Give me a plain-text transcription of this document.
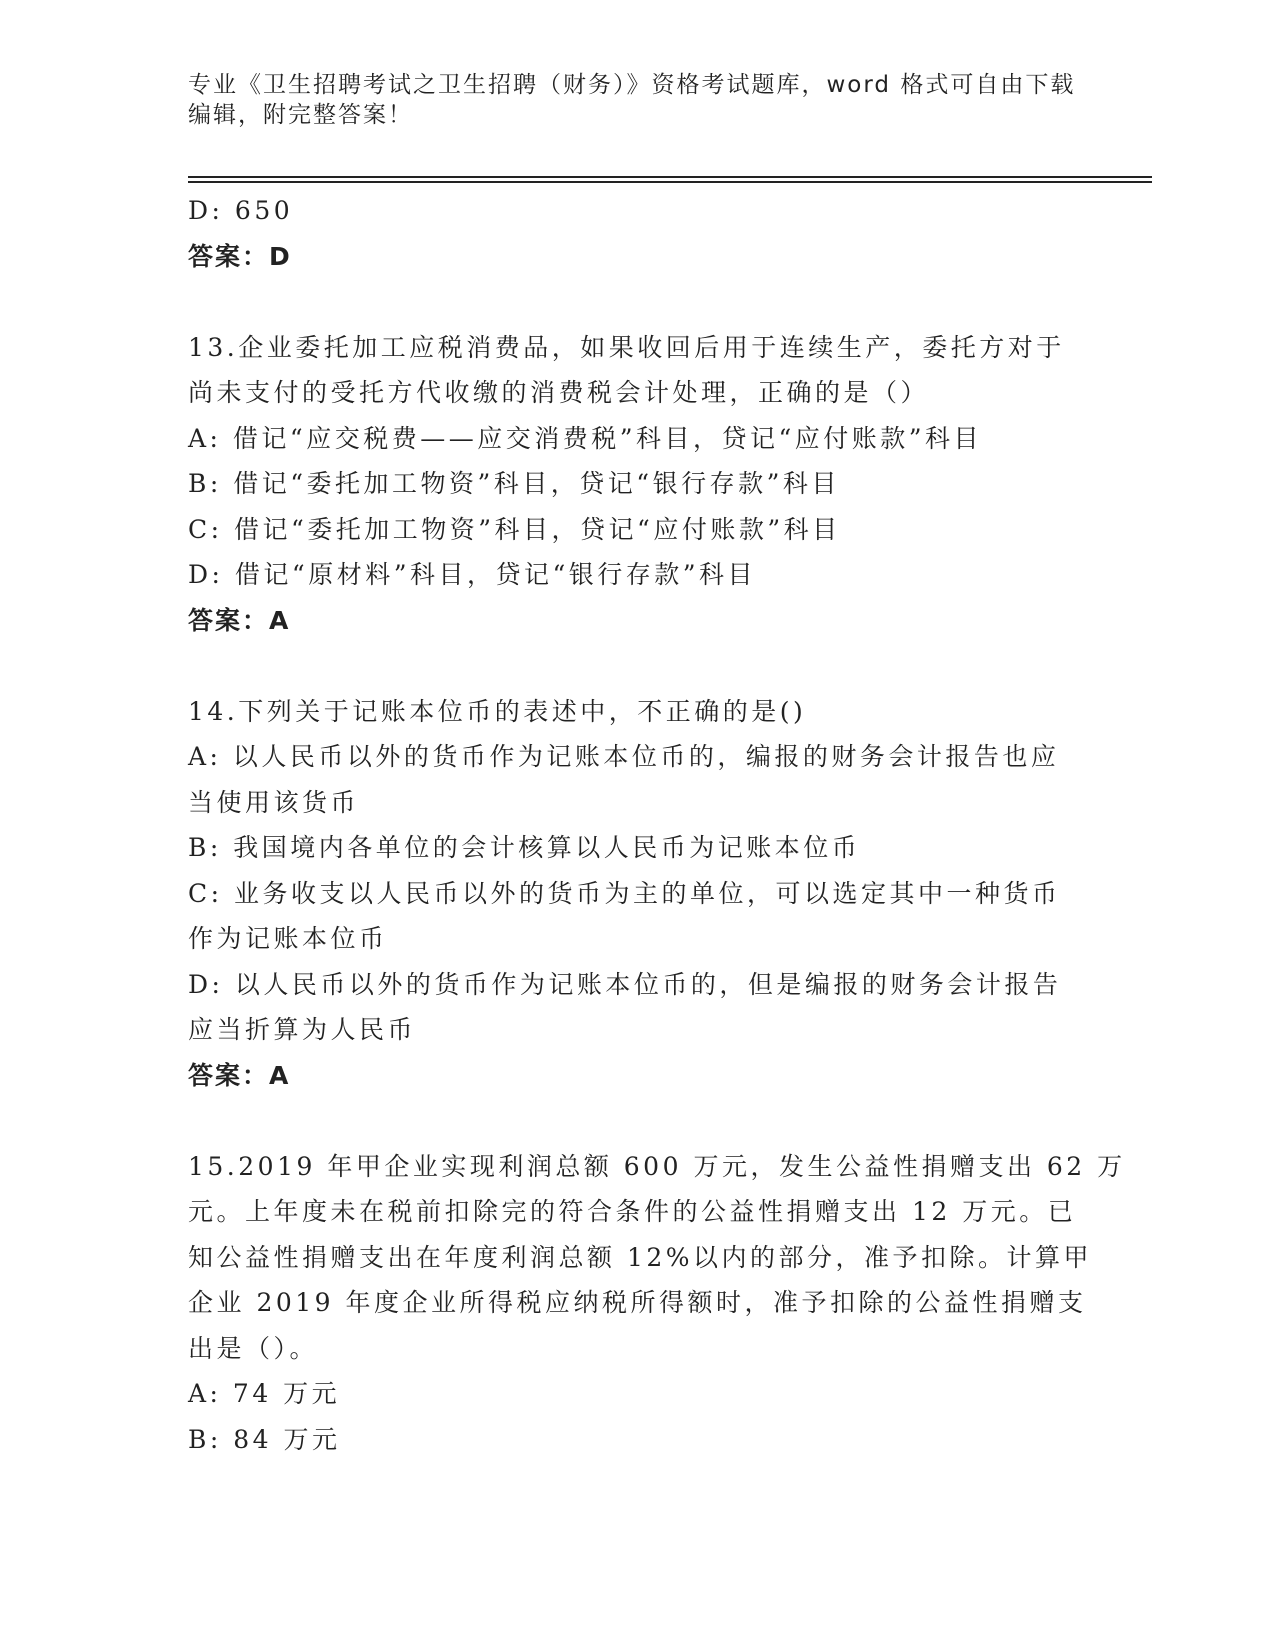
专业《卫生招聘考试之卫生招聘（财务）》资格考试题库，word 格式可自由下载
编辑，附完整答案！
D: 650
答案：D
13.企业委托加工应税消费品，如果收回后用于连续生产，委托方对于
尚未支付的受托方代收缴的消费税会计处理，正确的是（）
A: 借记“应交税费——应交消费税”科目，贷记“应付账款”科目
B: 借记“委托加工物资”科目，贷记“银行存款”科目
C: 借记“委托加工物资”科目，贷记“应付账款”科目
D: 借记“原材料”科目，贷记“银行存款”科目
答案：A
14.下列关于记账本位币的表述中，不正确的是()
A: 以人民币以外的货币作为记账本位币的，编报的财务会计报告也应
当使用该货币
B: 我国境内各单位的会计核算以人民币为记账本位币
C: 业务收支以人民币以外的货币为主的单位，可以选定其中一种货币
作为记账本位币
D: 以人民币以外的货币作为记账本位币的，但是编报的财务会计报告
应当折算为人民币
答案：A
15.2019 年甲企业实现利润总额 600 万元，发生公益性捐赠支出 62 万
元。上年度未在税前扣除完的符合条件的公益性捐赠支出 12 万元。已
知公益性捐赠支出在年度利润总额 12%以内的部分，准予扣除。计算甲
企业 2019 年度企业所得税应纳税所得额时，准予扣除的公益性捐赠支
出是（）。
A: 74 万元
B: 84 万元
